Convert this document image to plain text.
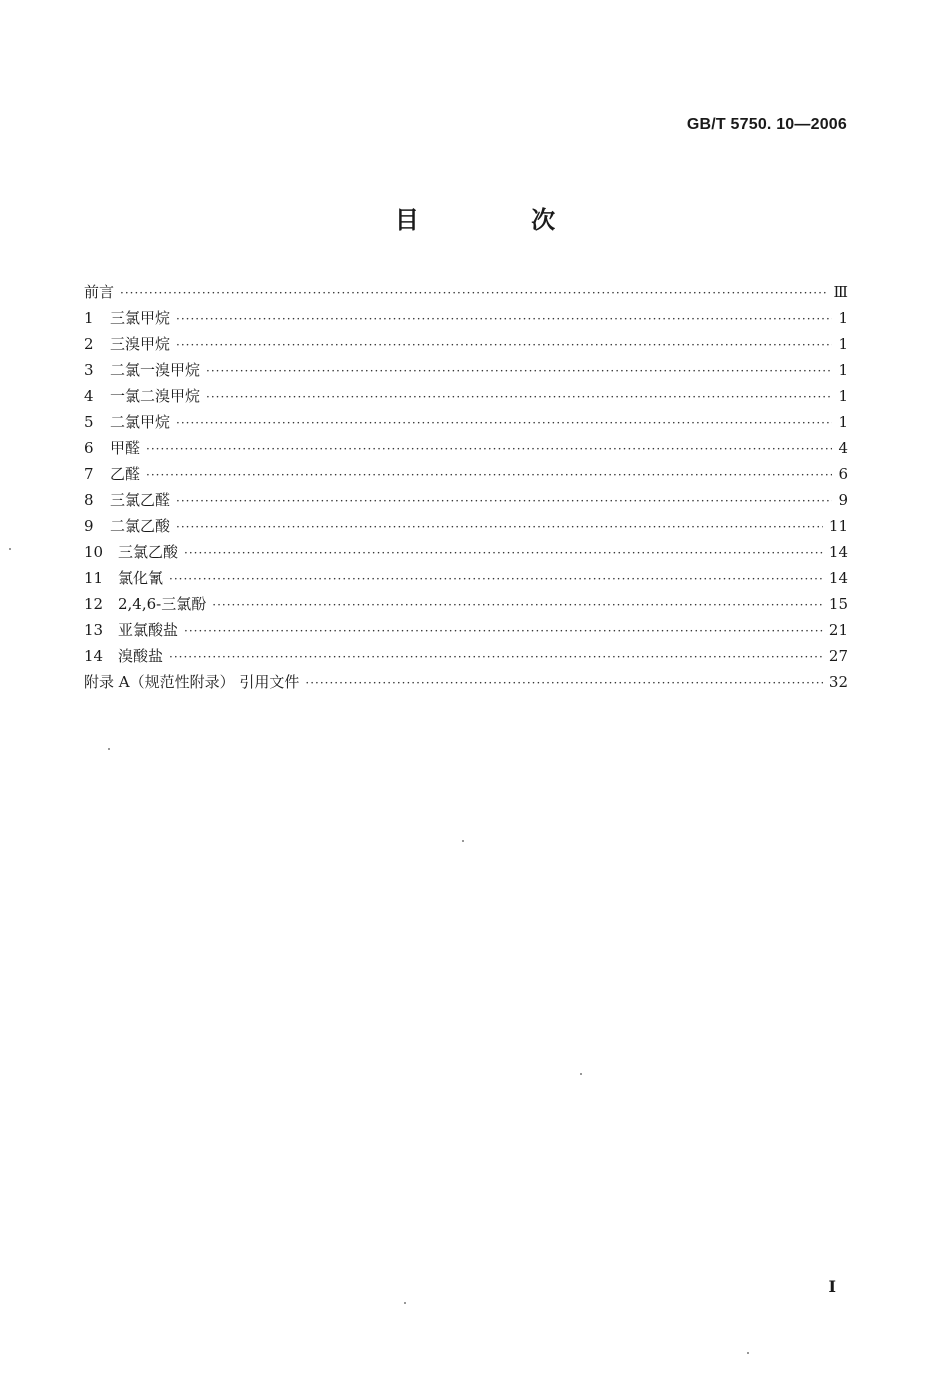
GB/T 5750. 10—2006
目 次
前言 ·····	Ⅲ
1	三氯甲烷 ·····	1
2	三溴甲烷 ·····	1
3	二氯一溴甲烷 ·····	1
4	一氯二溴甲烷 ·····	1
5	二氯甲烷 ·····	1
6	甲醛 ·····	4
7	乙醛 ·····	6
8	三氯乙醛 ·····	9
9	二氯乙酸 ·····	11
10 三氯乙酸 ·····	14
11 氯化氰 ·····	14
12 2,4,6-三氯酚 ·····	15
13 亚氯酸盐 ·····	21
14 溴酸盐 ·····	27
附录 A（规范性附录） 引用文件 ·····	32
I
